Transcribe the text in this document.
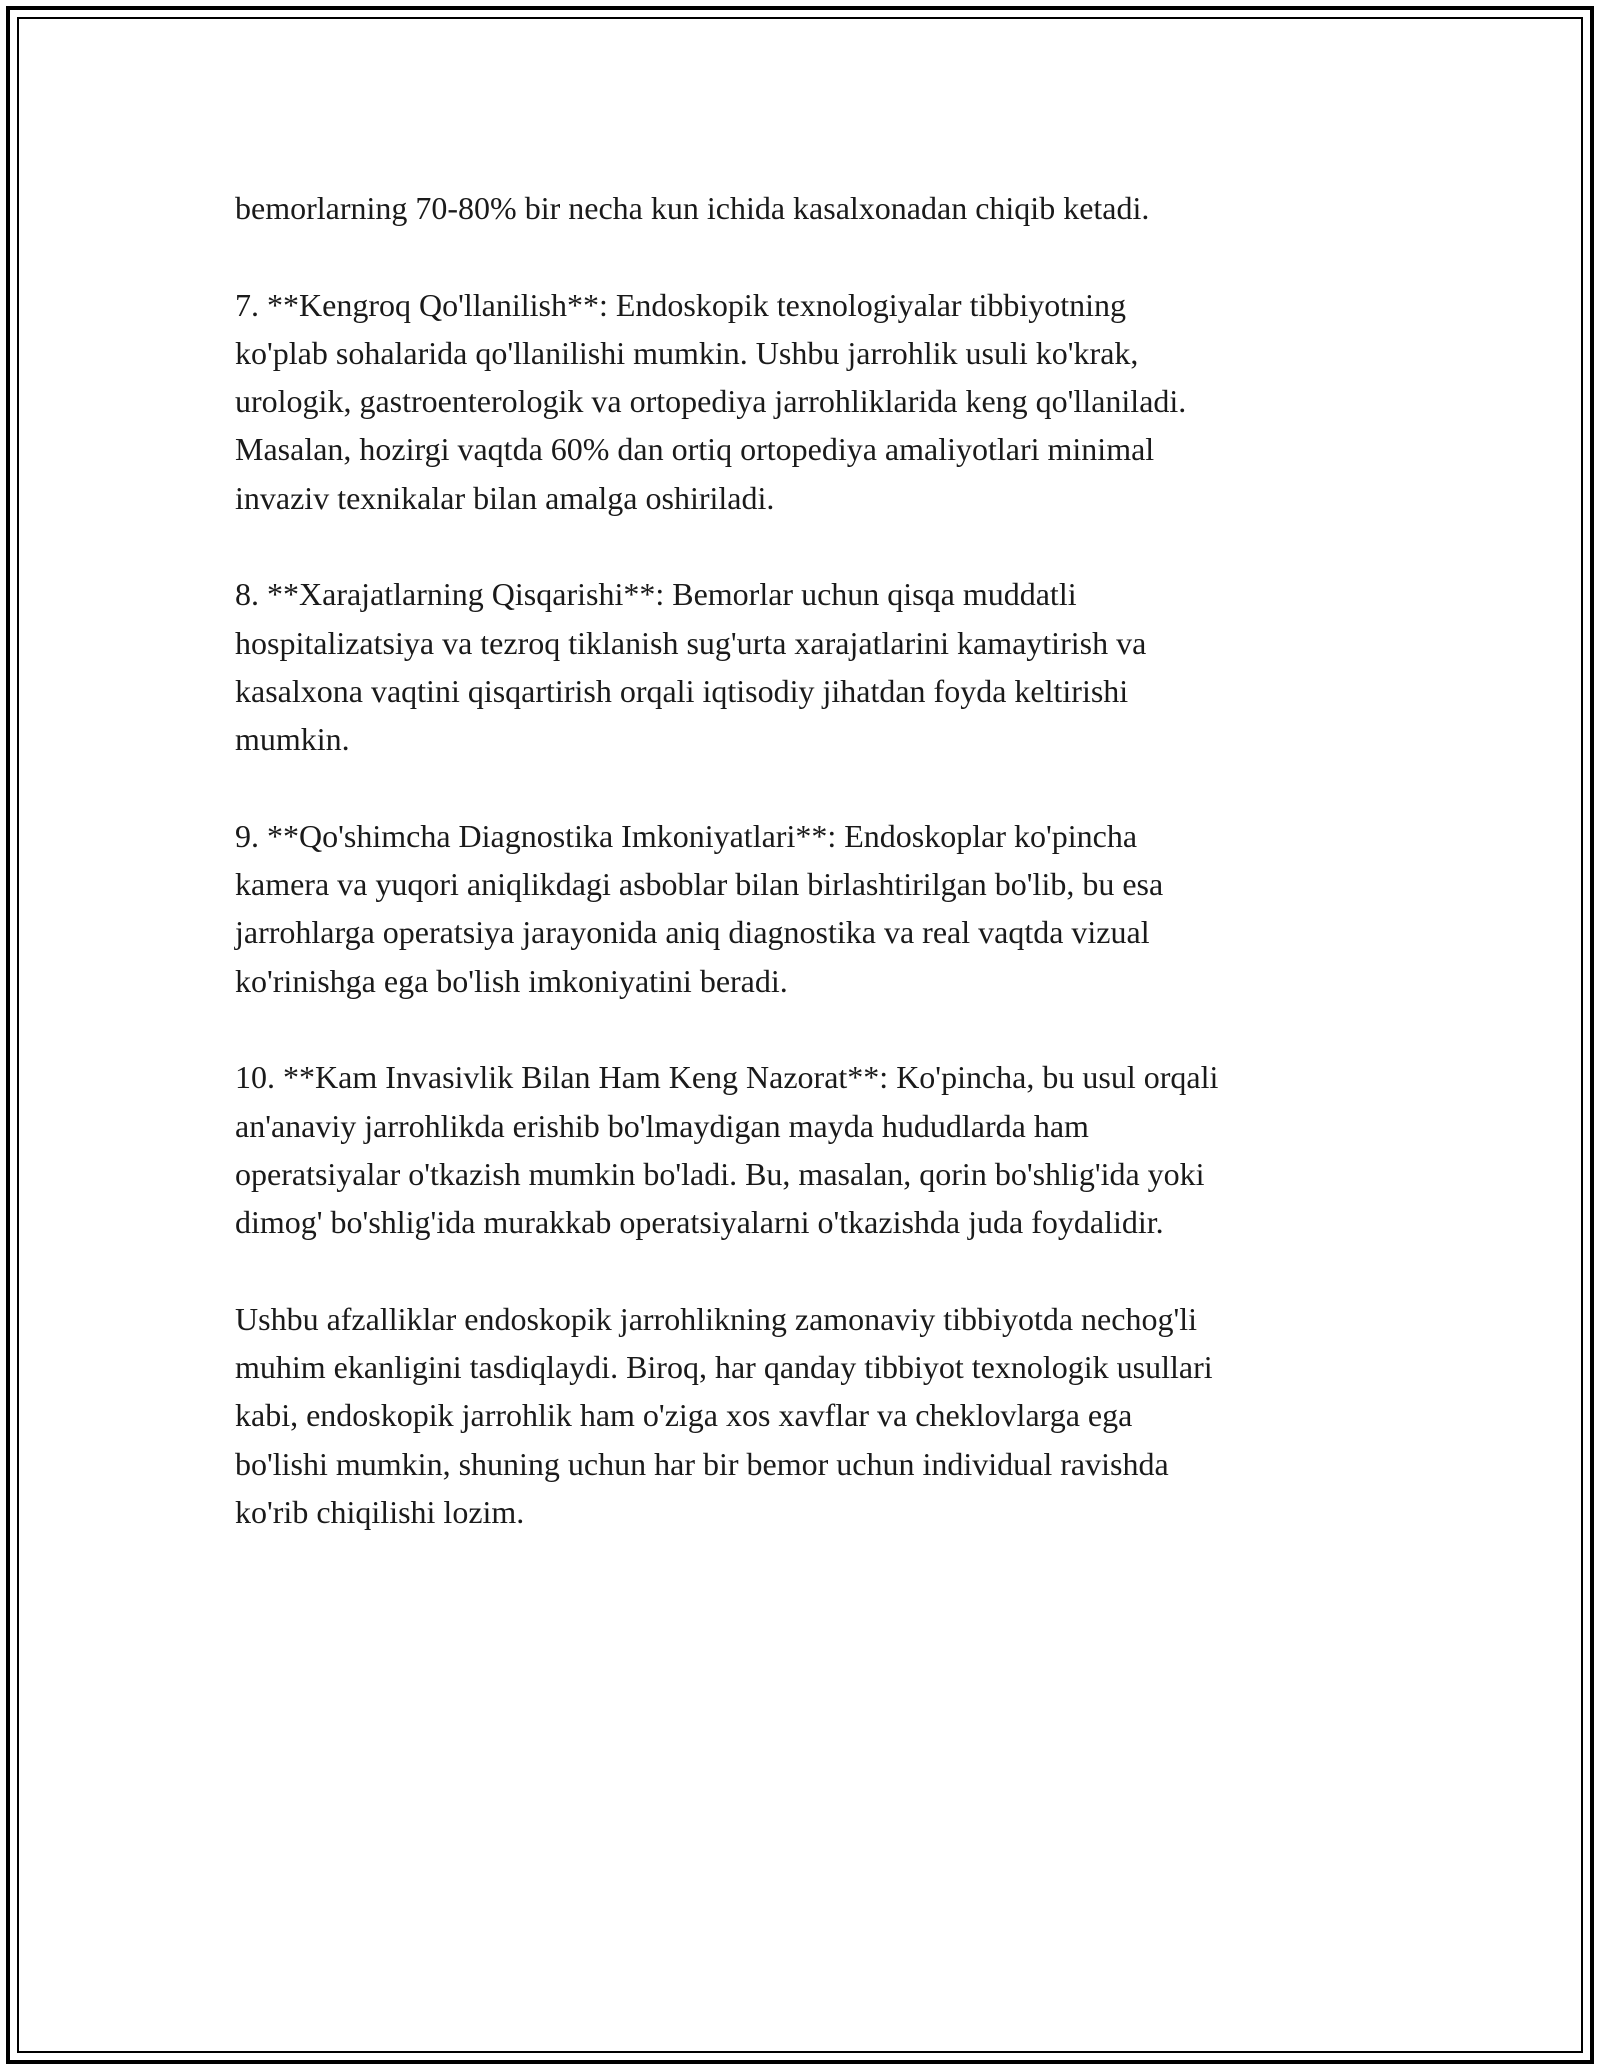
bemorlarning 70-80% bir necha kun ichida kasalxonadan chiqib ketadi.

7. **Kengroq Qo'llanilish**: Endoskopik texnologiyalar tibbiyotning
ko'plab sohalarida qo'llanilishi mumkin. Ushbu jarrohlik usuli ko'krak,
urologik, gastroenterologik va ortopediya jarrohliklarida keng qo'llaniladi.
Masalan, hozirgi vaqtda 60% dan ortiq ortopediya amaliyotlari minimal
invaziv texnikalar bilan amalga oshiriladi.

8. **Xarajatlarning Qisqarishi**: Bemorlar uchun qisqa muddatli
hospitalizatsiya va tezroq tiklanish sug'urta xarajatlarini kamaytirish va
kasalxona vaqtini qisqartirish orqali iqtisodiy jihatdan foyda keltirishi
mumkin.

9. **Qo'shimcha Diagnostika Imkoniyatlari**: Endoskoplar ko'pincha
kamera va yuqori aniqlikdagi asboblar bilan birlashtirilgan bo'lib, bu esa
jarrohlarga operatsiya jarayonida aniq diagnostika va real vaqtda vizual
ko'rinishga ega bo'lish imkoniyatini beradi.

10. **Kam Invasivlik Bilan Ham Keng Nazorat**: Ko'pincha, bu usul orqali
an'anaviy jarrohlikda erishib bo'lmaydigan mayda hududlarda ham
operatsiyalar o'tkazish mumkin bo'ladi. Bu, masalan, qorin bo'shlig'ida yoki
dimog' bo'shlig'ida murakkab operatsiyalarni o'tkazishda juda foydalidir.

Ushbu afzalliklar endoskopik jarrohlikning zamonaviy tibbiyotda nechog'li
muhim ekanligini tasdiqlaydi. Biroq, har qanday tibbiyot texnologik usullari
kabi, endoskopik jarrohlik ham o'ziga xos xavflar va cheklovlarga ega
bo'lishi mumkin, shuning uchun har bir bemor uchun individual ravishda
ko'rib chiqilishi lozim.
